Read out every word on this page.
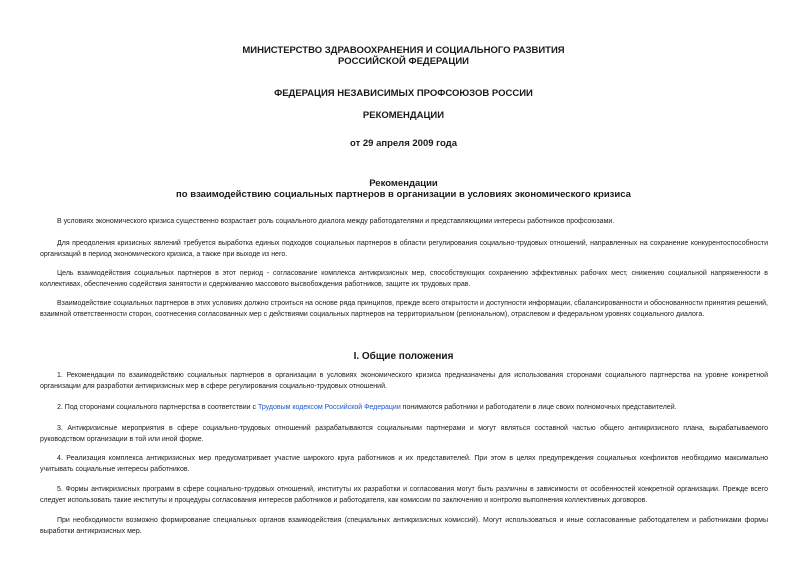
МИНИСТЕРСТВО ЗДРАВООХРАНЕНИЯ И СОЦИАЛЬНОГО РАЗВИТИЯ
РОССИЙСКОЙ ФЕДЕРАЦИИ
ФЕДЕРАЦИЯ НЕЗАВИСИМЫХ ПРОФСОЮЗОВ РОССИИ
РЕКОМЕНДАЦИИ
от 29 апреля 2009 года
Рекомендации
по взаимодействию социальных партнеров в организации в условиях экономического кризиса

В условиях экономического кризиса существенно возрастает роль социального диалога между работодателями и представляющими интересы работников профсоюзами.

Для преодоления кризисных явлений требуется выработка единых подходов социальных партнеров в области регулирования социально-трудовых отношений, направленных на сохранение конкурентоспособности организаций в период экономического кризиса, а также при выходе из него.

Цель взаимодействия социальных партнеров в этот период - согласование комплекса антикризисных мер, способствующих сохранению эффективных рабочих мест, снижению социальной напряженности в коллективах, обеспечению содействия занятости и сдерживанию массового высвобождения работников, защите их трудовых прав.

Взаимодействие социальных партнеров в этих условиях должно строиться на основе ряда принципов, прежде всего открытости и доступности информации, сбалансированности и обоснованности принятия решений, взаимной ответственности сторон, соотнесения согласованных мер с действиями социальных партнеров на территориальном (региональном), отраслевом и федеральном уровнях социального диалога.

I. Общие положения

1. Рекомендации по взаимодействию социальных партнеров в организации в условиях экономического кризиса предназначены для использования сторонами социального партнерства на уровне конкретной организации для разработки антикризисных мер в сфере регулирования социально-трудовых отношений.

2. Под сторонами социального партнерства в соответствии с Трудовым кодексом Российской Федерации понимаются работники и работодатели в лице своих полномочных представителей.

3. Антикризисные мероприятия в сфере социально-трудовых отношений разрабатываются социальными партнерами и могут являться составной частью общего антикризисного плана, вырабатываемого руководством организации в той или иной форме.

4. Реализация комплекса антикризисных мер предусматривает участие широкого круга работников и их представителей. При этом в целях предупреждения социальных конфликтов необходимо максимально учитывать социальные интересы работников.

5. Формы антикризисных программ в сфере социально-трудовых отношений, институты их разработки и согласования могут быть различны в зависимости от особенностей конкретной организации. Прежде всего следует использовать такие институты и процедуры согласования интересов работников и работодателя, как комиссии по заключению и контролю выполнения коллективных договоров.

При необходимости возможно формирование специальных органов взаимодействия (специальных антикризисных комиссий). Могут использоваться и иные согласованные работодателем и работниками формы выработки антикризисных мер.
